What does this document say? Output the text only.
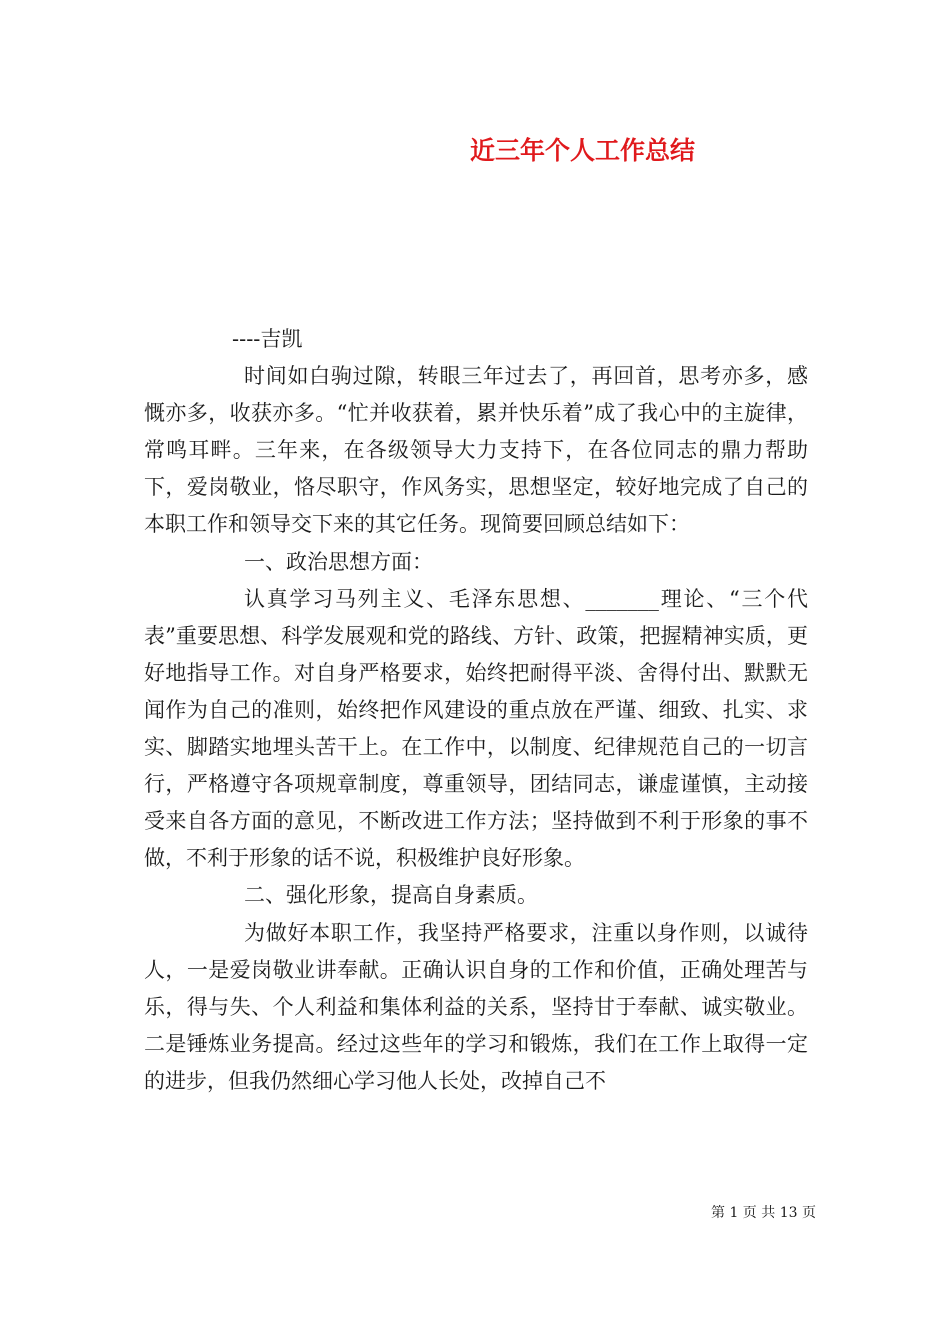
近三年个人工作总结

----吉凯

时间如白驹过隙，转眼三年过去了，再回首，思考亦多，感慨亦多，收获亦多。“忙并收获着，累并快乐着”成了我心中的主旋律，常鸣耳畔。三年来，在各级领导大力支持下，在各位同志的鼎力帮助下，爱岗敬业，恪尽职守，作风务实，思想坚定，较好地完成了自己的本职工作和领导交下来的其它任务。现简要回顾总结如下：

一、政治思想方面：

认真学习马列主义、毛泽东思想、_______理论、“三个代表”重要思想、科学发展观和党的路线、方针、政策，把握精神实质，更好地指导工作。对自身严格要求，始终把耐得平淡、舍得付出、默默无闻作为自己的准则，始终把作风建设的重点放在严谨、细致、扎实、求实、脚踏实地埋头苦干上。在工作中，以制度、纪律规范自己的一切言行，严格遵守各项规章制度，尊重领导，团结同志，谦虚谨慎，主动接受来自各方面的意见，不断改进工作方法；坚持做到不利于形象的事不做，不利于形象的话不说，积极维护良好形象。

二、强化形象，提高自身素质。

为做好本职工作，我坚持严格要求，注重以身作则，以诚待人，一是爱岗敬业讲奉献。正确认识自身的工作和价值，正确处理苦与乐，得与失、个人利益和集体利益的关系，坚持甘于奉献、诚实敬业。二是锤炼业务提高。经过这些年的学习和锻炼，我们在工作上取得一定的进步，但我仍然细心学习他人长处，改掉自己不

第 1 页 共 13 页
